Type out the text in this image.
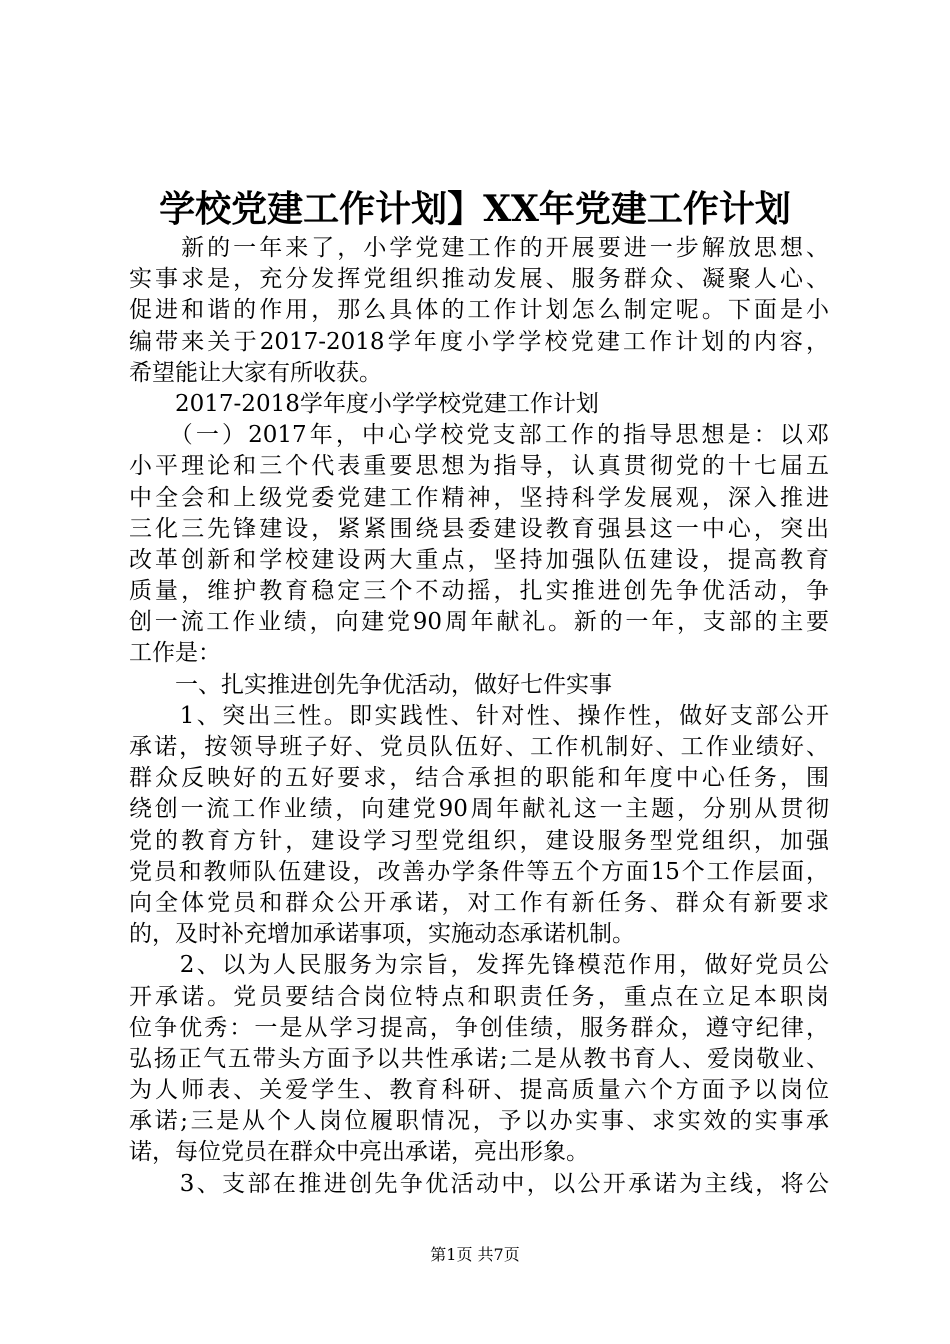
学校党建工作计划】XX年党建工作计划
　　新的一年来了，小学党建工作的开展要进一步解放思想、
实事求是，充分发挥党组织推动发展、服务群众、凝聚人心、
促进和谐的作用，那么具体的工作计划怎么制定呢。下面是小
编带来关于2017-2018学年度小学学校党建工作计划的内容，
希望能让大家有所收获。
　　2017-2018学年度小学学校党建工作计划
　　（一）2017年，中心学校党支部工作的指导思想是：以邓
小平理论和三个代表重要思想为指导，认真贯彻党的十七届五
中全会和上级党委党建工作精神，坚持科学发展观，深入推进
三化三先锋建设，紧紧围绕县委建设教育强县这一中心，突出
改革创新和学校建设两大重点，坚持加强队伍建设，提高教育
质量，维护教育稳定三个不动摇，扎实推进创先争优活动，争
创一流工作业绩，向建党90周年献礼。新的一年，支部的主要
工作是：
　　一、扎实推进创先争优活动，做好七件实事
　　1、突出三性。即实践性、针对性、操作性，做好支部公开
承诺，按领导班子好、党员队伍好、工作机制好、工作业绩好、
群众反映好的五好要求，结合承担的职能和年度中心任务，围
绕创一流工作业绩，向建党90周年献礼这一主题，分别从贯彻
党的教育方针，建设学习型党组织，建设服务型党组织，加强
党员和教师队伍建设，改善办学条件等五个方面15个工作层面，
向全体党员和群众公开承诺，对工作有新任务、群众有新要求
的，及时补充增加承诺事项，实施动态承诺机制。
　　2、以为人民服务为宗旨，发挥先锋模范作用，做好党员公
开承诺。党员要结合岗位特点和职责任务，重点在立足本职岗
位争优秀：一是从学习提高，争创佳绩，服务群众，遵守纪律，
弘扬正气五带头方面予以共性承诺;二是从教书育人、爱岗敬业、
为人师表、关爱学生、教育科研、提高质量六个方面予以岗位
承诺;三是从个人岗位履职情况，予以办实事、求实效的实事承
诺，每位党员在群众中亮出承诺，亮出形象。
　　3、支部在推进创先争优活动中，以公开承诺为主线，将公
第1页 共7页
